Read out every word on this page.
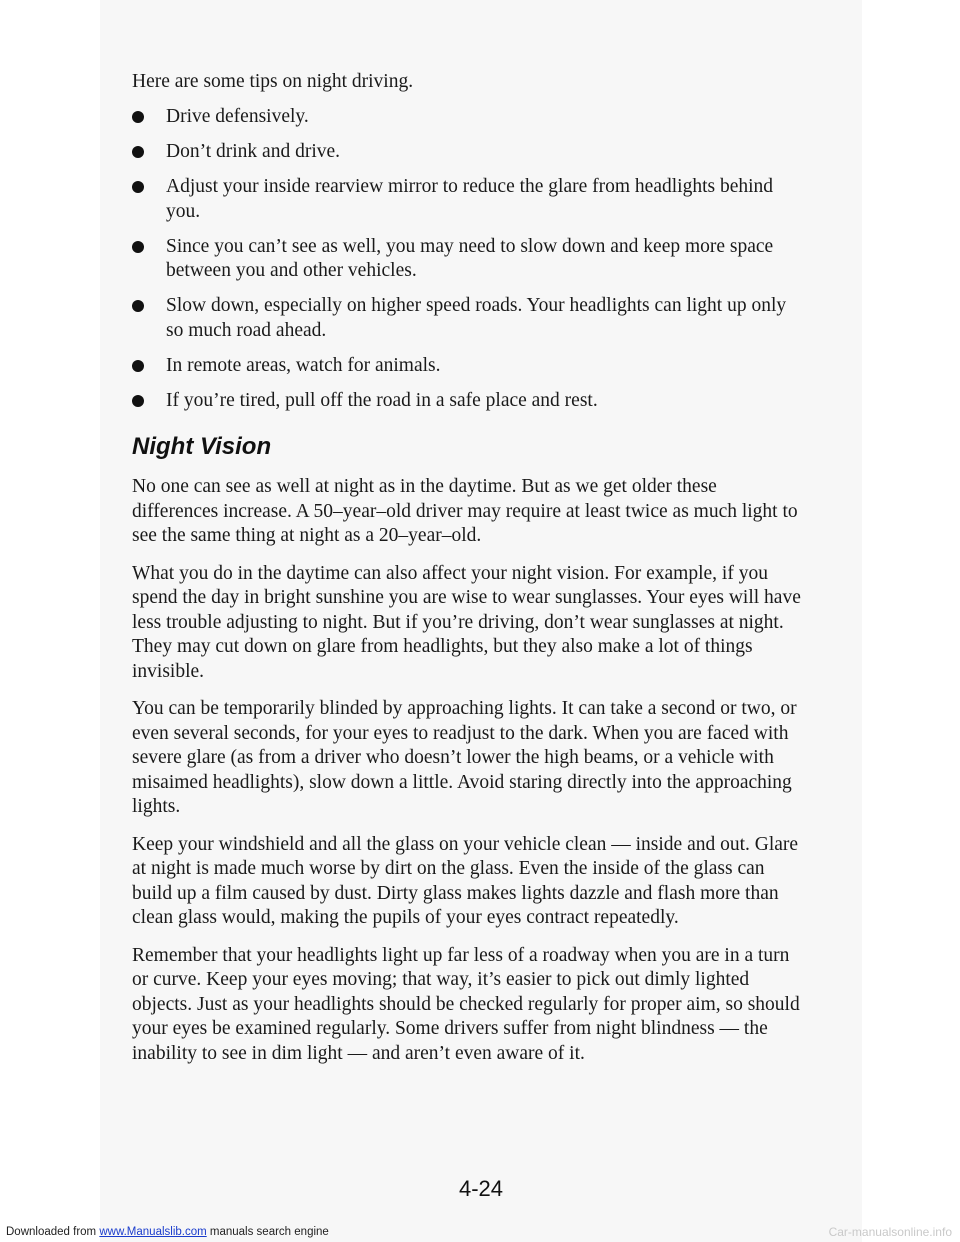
Here are some tips on night driving.

Drive defensively.
Don’t drink and drive.
Adjust your inside rearview mirror to reduce the glare from headlights behind you.
Since you can’t see as well, you may need to slow down and keep more space between you and other vehicles.
Slow down, especially on higher speed roads. Your headlights can light up only so much road ahead.
In remote areas, watch for animals.
If you’re tired, pull off the road in a safe place and rest.
Night Vision

No one can see as well at night as in the daytime. But as we get older these differences increase. A 50–year–old driver may require at least twice as much light to see the same thing at night as a 20–year–old.

What you do in the daytime can also affect your night vision. For example, if you spend the day in bright sunshine you are wise to wear sunglasses. Your eyes will have less trouble adjusting to night. But if you’re driving, don’t wear sunglasses at night. They may cut down on glare from headlights, but they also make a lot of things invisible.

You can be temporarily blinded by approaching lights. It can take a second or two, or even several seconds, for your eyes to readjust to the dark. When you are faced with severe glare (as from a driver who doesn’t lower the high beams, or a vehicle with misaimed headlights), slow down a little. Avoid staring directly into the approaching lights.

Keep your windshield and all the glass on your vehicle clean — inside and out. Glare at night is made much worse by dirt on the glass. Even the inside of the glass can build up a film caused by dust. Dirty glass makes lights dazzle and flash more than clean glass would, making the pupils of your eyes contract repeatedly.

Remember that your headlights light up far less of a roadway when you are in a turn or curve. Keep your eyes moving; that way, it’s easier to pick out dimly lighted objects. Just as your headlights should be checked regularly for proper aim, so should your eyes be examined regularly. Some drivers suffer from night blindness — the inability to see in dim light — and aren’t even aware of it.

4-24
Downloaded from www.Manualslib.com manuals search engine	Car-manualsonline.info
